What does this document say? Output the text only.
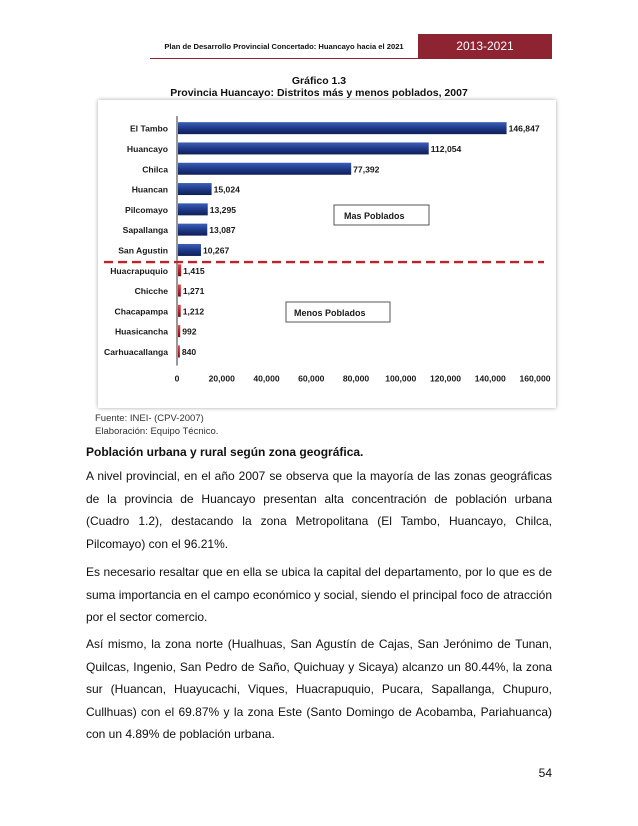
Plan de Desarrollo Provincial Concertado: Huancayo hacia el 2021	2013-2021
Gráfico 1.3
Provincia Huancayo: Distritos más y menos poblados, 2007
El Tambo	146,847
Huancayo	112,054
Chilca	77,392
Huancan	15,024
Pilcomayo	13,295
Sapallanga	13,087
San Agustin	10,267
Huacrapuquio 1,415
Chicche 1,271
Chacapampa 1,212
Huasicancha 992
Carhuacallanga 840
0	20,000 40,000 60,000 80,000 100,000 120,000 140,000 160,000
Mas Poblados
Menos Poblados
Fuente: INEI- (CPV-2007)
Elaboración: Equipo Técnico.
Población urbana y rural según zona geográfica.

A nivel provincial, en el año 2007 se observa que la mayoría de las zonas geográficas de la provincia de Huancayo presentan alta concentración de población urbana (Cuadro 1.2), destacando la zona Metropolitana (El Tambo, Huancayo, Chilca, Pilcomayo) con el 96.21%.

Es necesario resaltar que en ella se ubica la capital del departamento, por lo que es de suma importancia en el campo económico y social, siendo el principal foco de atracción por el sector comercio.

Así mismo, la zona norte (Hualhuas, San Agustín de Cajas, San Jerónimo de Tunan, Quilcas, Ingenio, San Pedro de Saño, Quichuay y Sicaya) alcanzo un 80.44%, la zona sur (Huancan, Huayucachi, Viques, Huacrapuquio, Pucara, Sapallanga, Chupuro, Cullhuas) con el 69.87% y la zona Este (Santo Domingo de Acobamba, Pariahuanca) con un 4.89% de población urbana.

54
